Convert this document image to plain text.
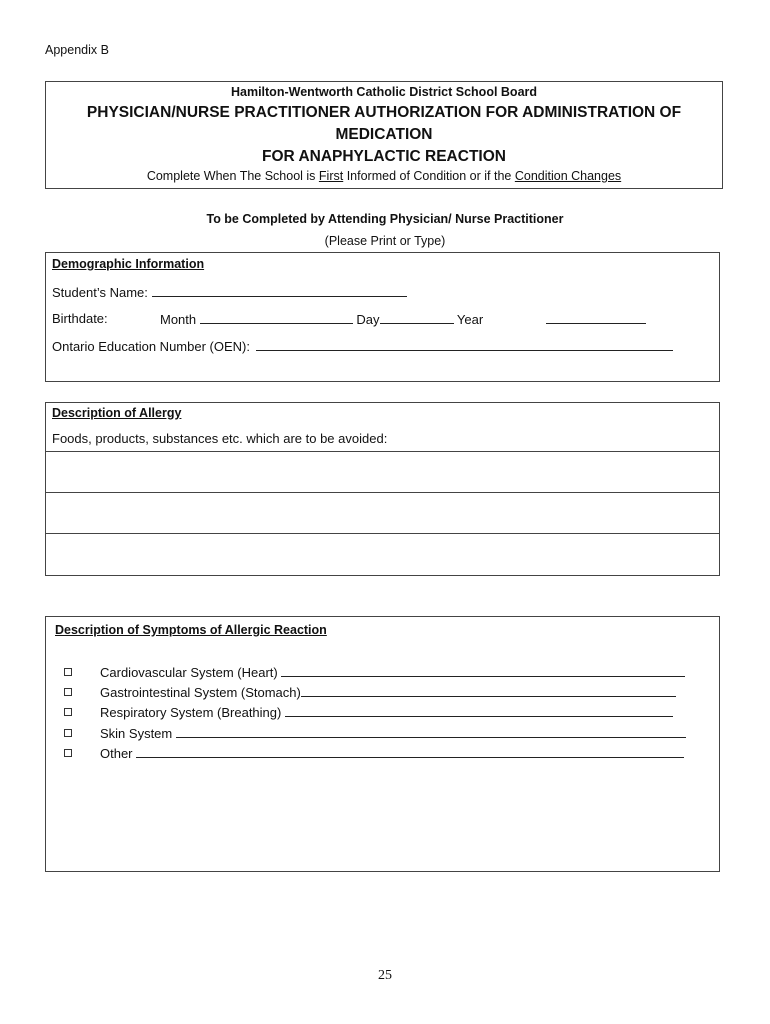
Appendix B
Hamilton-Wentworth Catholic District School Board
PHYSICIAN/NURSE PRACTITIONER AUTHORIZATION FOR ADMINISTRATION OF
MEDICATION
FOR ANAPHYLACTIC REACTION
Complete When The School is First Informed of Condition or if the Condition Changes
To be Completed by Attending Physician/ Nurse Practitioner
(Please Print or Type)
Demographic Information
Student’s Name:
Birthdate:	Month	Day	Year
Ontario Education Number (OEN):
Description of Allergy
Foods, products, substances etc. which are to be avoided:
Description of Symptoms of Allergic Reaction
Cardiovascular System (Heart)
Gastrointestinal System (Stomach)
Respiratory System (Breathing)
Skin System
Other
25
